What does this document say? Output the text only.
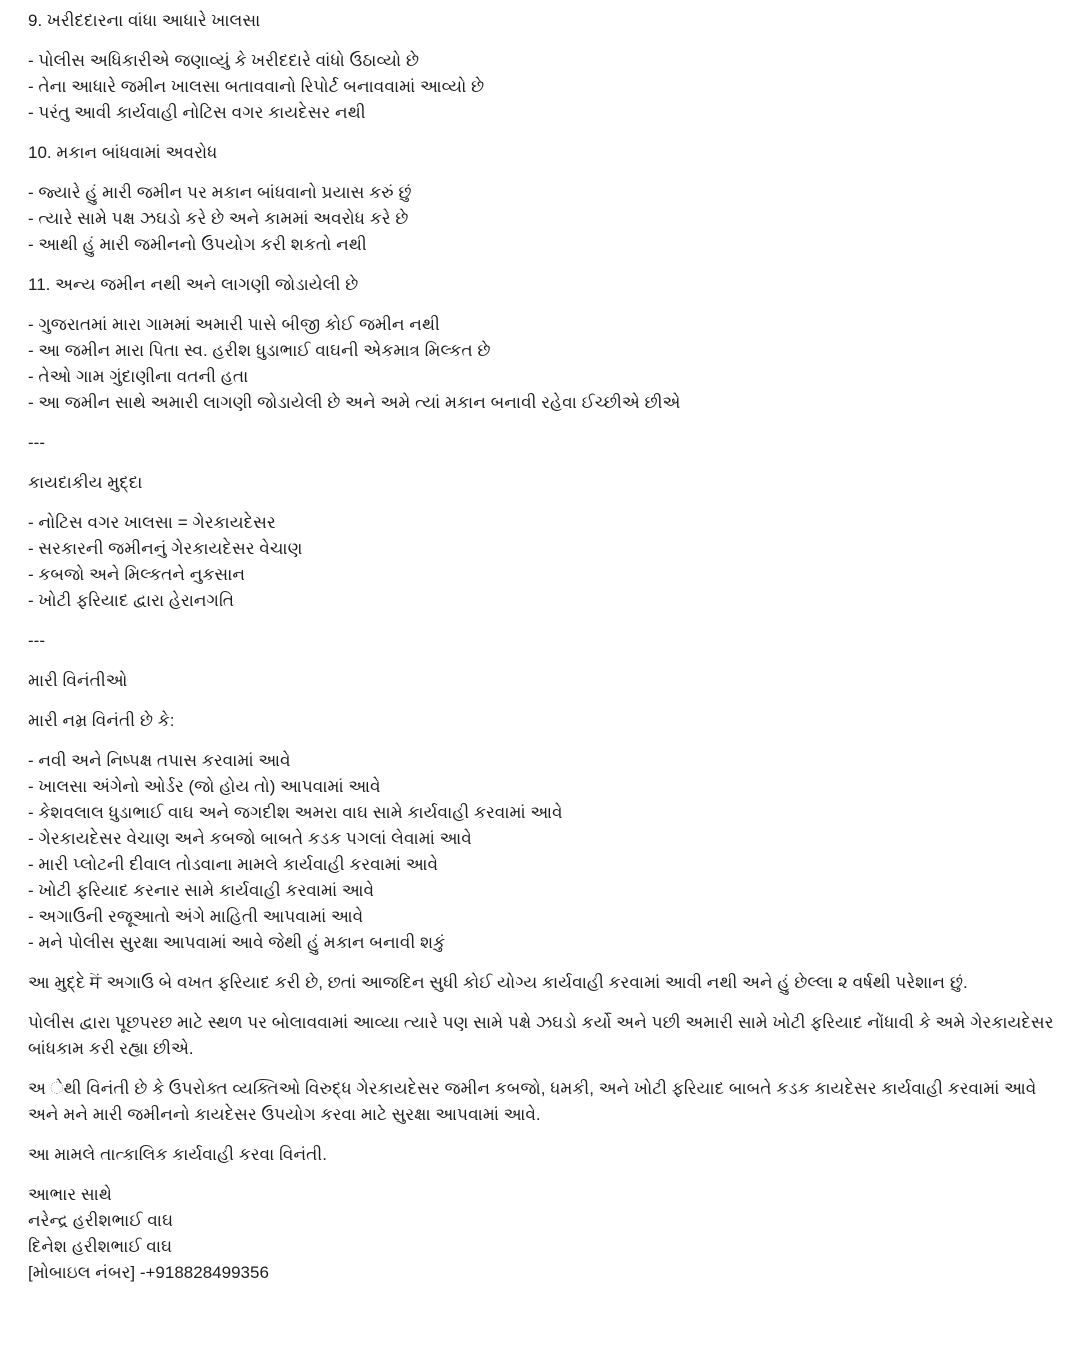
9. ખરીદદારના વાંધા આધારે ખાલસા

- પોલીસ અધિકારીએ જણાવ્યું કે ખરીદદારે વાંધો ઉઠાવ્યો છે
- તેના આધારે જમીન ખાલસા બતાવવાનો રિપોર્ટ બનાવવામાં આવ્યો છે
- પરંતુ આવી કાર્યવાહી નોટિસ વગર કાયદેસર નથી

10. મકાન બાંધવામાં અવરોધ

- જ્યારે હું મારી જમીન પર મકાન બાંધવાનો પ્રયાસ કરું છું
- ત્યારે સામે પક્ષ ઝઘડો કરે છે અને કામમાં અવરોધ કરે છે
- આથી હું મારી જમીનનો ઉપયોગ કરી શકતો નથી

11. અન્ય જમીન નથી અને લાગણી જોડાયેલી છે

- ગુજરાતમાં મારા ગામમાં અમારી પાસે બીજી કોઈ જમીન નથી
- આ જમીન મારા પિતા સ્વ. હરીશ ધુડાભાઈ વાઘની એકમાત્ર મિલ્કત છે
- તેઓ ગામ ગુંદાણીના વતની હતા
- આ જમીન સાથે અમારી લાગણી જોડાયેલી છે અને અમે ત્યાં મકાન બનાવી રહેવા ઈચ્છીએ છીએ

---

કાયદાકીય મુદ્દા

- નોટિસ વગર ખાલસા = ગેરકાયદેસર
- સરકારની જમીનનું ગેરકાયદેસર વેચાણ
- કબજો અને મિલ્કતને નુકસાન
- ખોટી ફરિયાદ દ્વારા હેરાનગતિ

---

મારી વિનંતીઓ

મારી નમ્ર વિનંતી છે કે:

- નવી અને નિષ્પક્ષ તપાસ કરવામાં આવે
- ખાલસા અંગેનો ઓર્ડર (જો હોય તો) આપવામાં આવે
- કેશવલાલ ધુડાભાઈ વાઘ અને જગદીશ અમરા વાઘ સામે કાર્યવાહી કરવામાં આવે
- ગેરકાયદેસર વેચાણ અને કબજો બાબતે કડક પગલાં લેવામાં આવે
- મારી પ્લોટની દીવાલ તોડવાના મામલે કાર્યવાહી કરવામાં આવે
- ખોટી ફરિયાદ કરનાર સામે કાર્યવાહી કરવામાં આવે
- અગાઉની રજૂઆતો અંગે માહિતી આપવામાં આવે
- મને પોલીસ સુરક્ષા આપવામાં આવે જેથી હું મકાન બનાવી શકું

આ મુદ્દે में અગાઉ બે વખત ફરિયાદ કરી છે, છતાં આજદિન સુધી કોઈ યોગ્ય કાર્યવાહી કરવામાં આવી નથી અને હું છેલ્લા ૨ વર્ષથી પરેશાન છું.

પોલીસ દ્વારા પૂછપરછ માટે સ્થળ પર બોલાવવામાં આવ્યા ત્યારે પણ સામે પક્ષે ઝઘડો કર્યો અને પછી અમારી સામે ખોટી ફરિયાદ નોંધાવી કે અમે ગેરકાયદેસર બાંધકામ કરી રહ્યા છીએ.

અ ેથી વિનંતી છે કે ઉપરોક્ત વ્યક્તિઓ વિરુદ્ધ ગેરકાયદેસર જમીન કબજો, ધમકી, અને ખોટી ફરિયાદ બાબતે કડક કાયદેસર કાર્યવાહી કરવામાં આવે અને મને મારી જમીનનો કાયદેસર ઉપયોગ કરવા માટે સુરક્ષા આપવામાં આવે.

આ મામલે તાત્કાલિક કાર્યવાહી કરવા વિનંતી.

આભાર સાથે
નરેન્દ્ર હરીશભાઈ વાઘ
દિનેશ હરીશભાઈ વાઘ
[મોબાઇલ નંબર] -+918828499356
